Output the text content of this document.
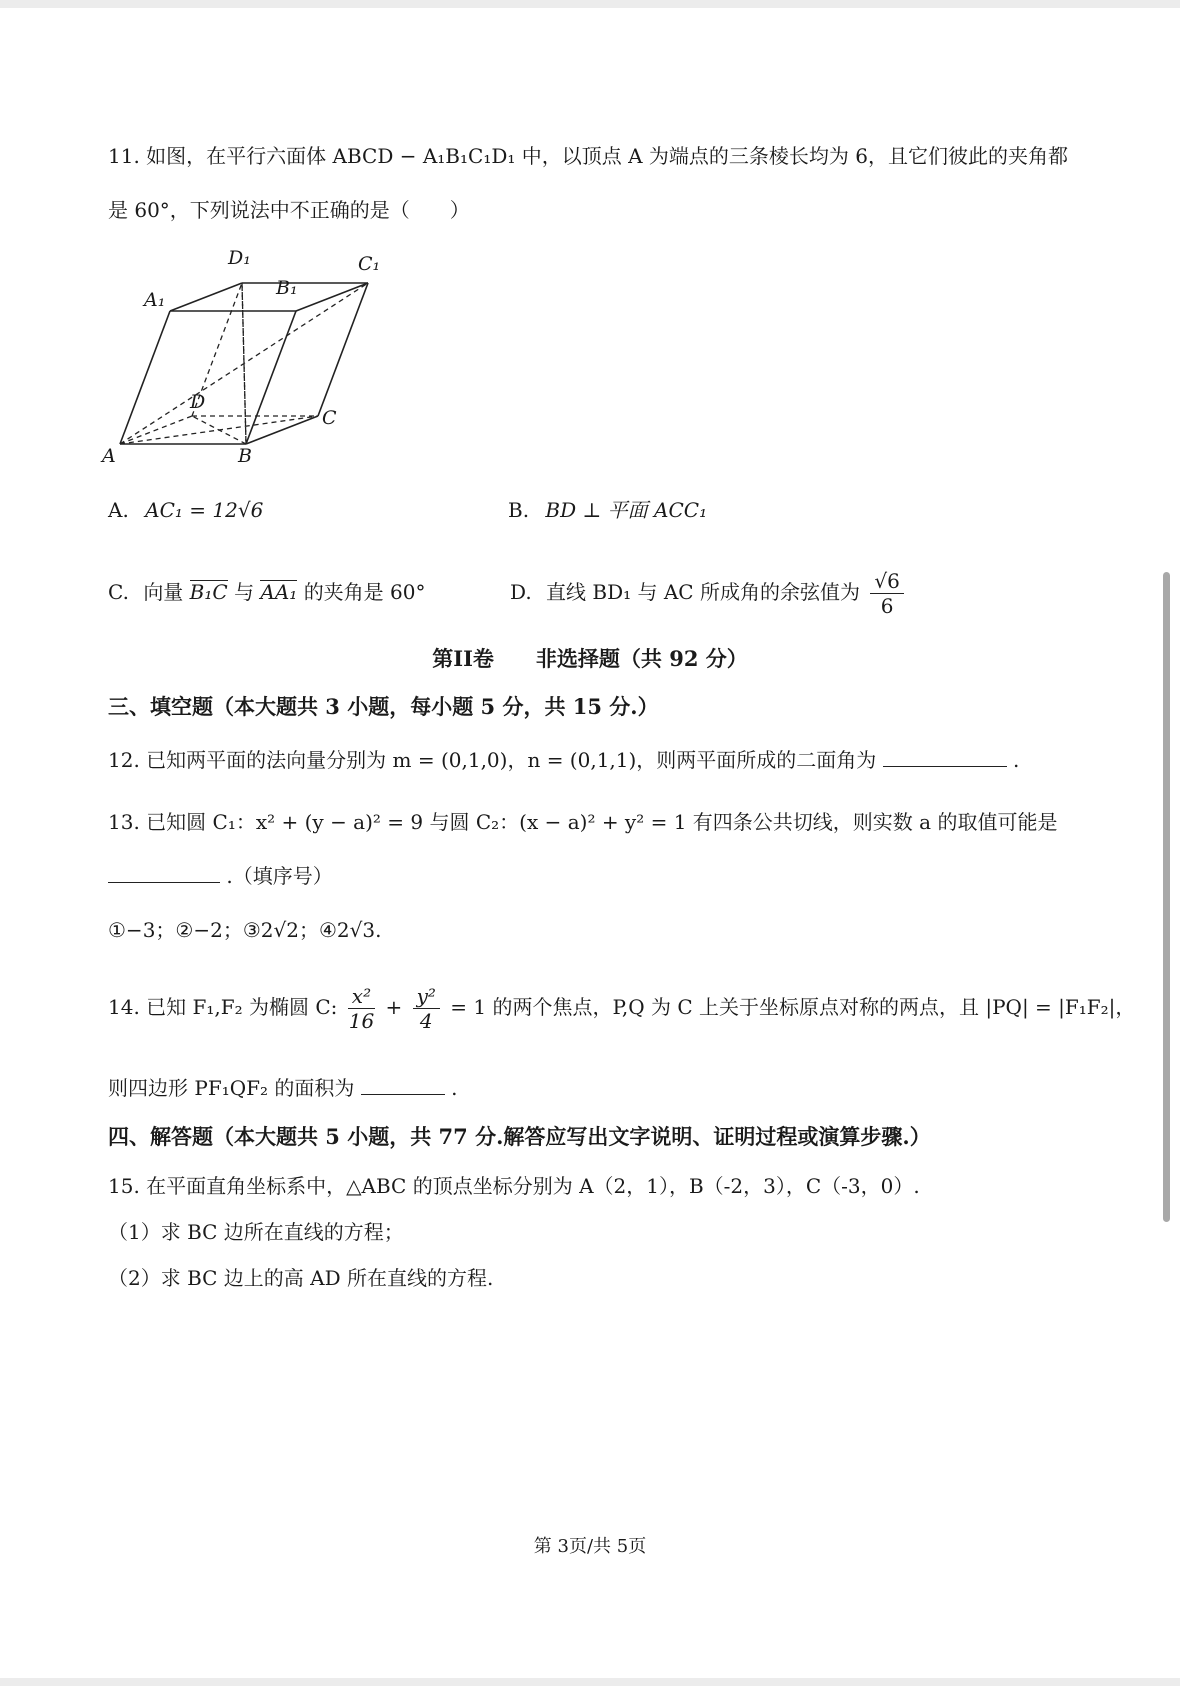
11. 如图，在平行六面体 ABCD − A₁B₁C₁D₁ 中，以顶点 A 为端点的三条棱长均为 6，且它们彼此的夹角都
是 60°，下列说法中不正确的是（　　）
A	B
C
D
A₁
B₁
C₁
D₁
A. AC₁ = 12√6	B. BD ⊥ 平面 ACC₁
C. 向量 B₁C 与 AA₁ 的夹角是 60°	D. 直线 BD₁ 与 AC 所成角的余弦值为 $\frac{√6}{6}$
第II卷　　非选择题（共 92 分）
三、填空题（本大题共 3 小题，每小题 5 分，共 15 分.）
12. 已知两平面的法向量分别为 m = (0,1,0)，n = (0,1,1)，则两平面所成的二面角为	.
13. 已知圆 C₁：x² + (y − a)² = 9 与圆 C₂：(x − a)² + y² = 1 有四条公共切线，则实数 a 的取值可能是
.（填序号）
①−3；②−2；③2√2；④2√3.
14. 已知 F₁,F₂ 为椭圆 C: $\frac{\text{x²}}{16} + \frac{\text{y²}}{4} = 1$ 的两个焦点，P,Q 为 C 上关于坐标原点对称的两点，且 |PQ| = |F₁F₂|，
则四边形 PF₁QF₂ 的面积为	.
四、解答题（本大题共 5 小题，共 77 分.解答应写出文字说明、证明过程或演算步骤.）
15. 在平面直角坐标系中，△ABC 的顶点坐标分别为 A（2，1），B（-2，3），C（-3，0）.
（1）求 BC 边所在直线的方程；
（2）求 BC 边上的高 AD 所在直线的方程.
第 3页/共 5页
